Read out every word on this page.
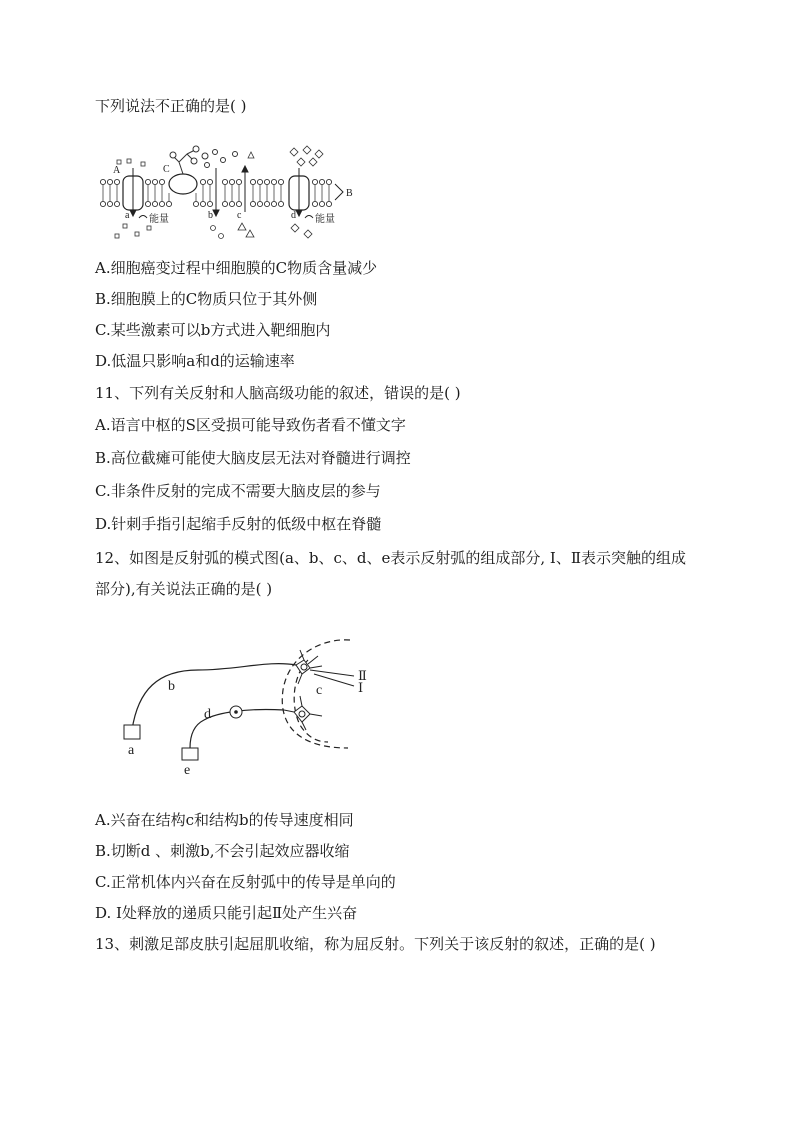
下列说法不正确的是( )
A	C
B
a	b c	d
能量	能量
A.细胞癌变过程中细胞膜的C物质含量减少
B.细胞膜上的C物质只位于其外侧
C.某些激素可以b方式进入靶细胞内
D.低温只影响a和d的运输速率
11、下列有关反射和人脑高级功能的叙述，错误的是( )
A.语言中枢的S区受损可能导致伤者看不懂文字
B.高位截瘫可能使大脑皮层无法对脊髓进行调控
C.非条件反射的完成不需要大脑皮层的参与
D.针刺手指引起缩手反射的低级中枢在脊髓
12、如图是反射弧的模式图(a、b、c、d、e表示反射弧的组成部分, Ⅰ、Ⅱ表示突触的组成部分),有关说法正确的是( )
Ⅱ
Ⅰ
b	c
d
a
e
A.兴奋在结构c和结构b的传导速度相同
B.切断d 、刺激b,不会引起效应器收缩
C.正常机体内兴奋在反射弧中的传导是单向的
D. Ⅰ处释放的递质只能引起Ⅱ处产生兴奋
13、刺激足部皮肤引起屈肌收缩，称为屈反射。下列关于该反射的叙述，正确的是( )
